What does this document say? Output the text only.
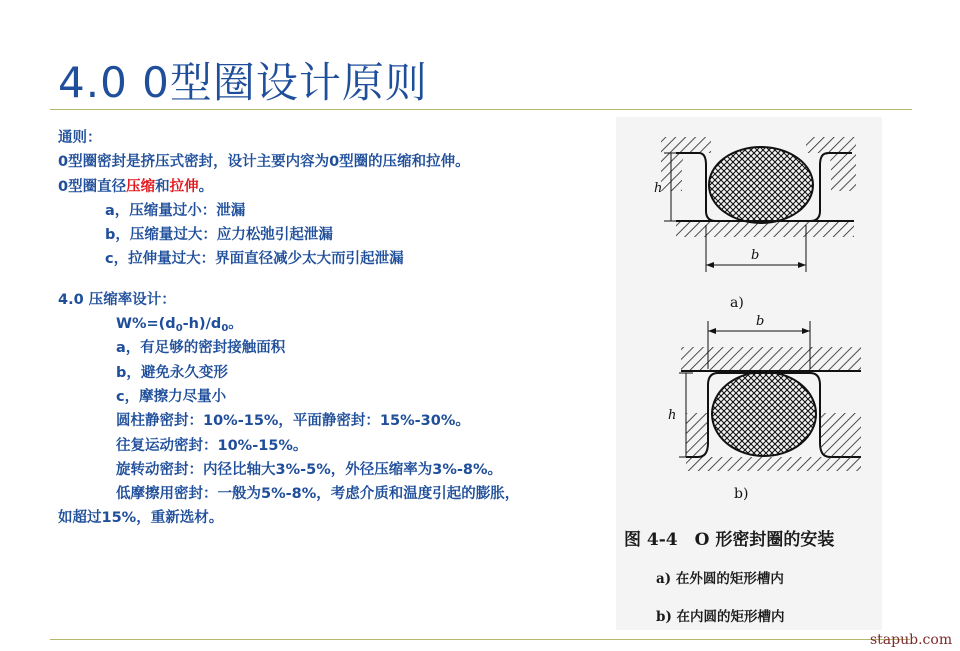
4.0 0型圈设计原则
通则：
0型圈密封是挤压式密封，设计主要内容为0型圈的压缩和拉伸。
0型圈直径压缩和拉伸。
a，压缩量过小：泄漏
b，压缩量过大：应力松弛引起泄漏
c，拉伸量过大：界面直径减少太大而引起泄漏
4.0 压缩率设计：
$W\%=(d_0-h)/d_0$。
a，有足够的密封接触面积
b，避免永久变形
c，摩擦力尽量小
圆柱静密封：10%-15%，平面静密封：15%-30%。
往复运动密封：10%-15%。
旋转动密封：内径比轴大3%-5%，外径压缩率为3%-8%。
低摩擦用密封：一般为5%-8%，考虑介质和温度引起的膨胀，
如超过15%，重新选材。
h
b
a)
h
b
b)
图 4-4　O 形密封圈的安装
a) 在外圆的矩形槽内
b) 在内圆的矩形槽内
stapub.com
